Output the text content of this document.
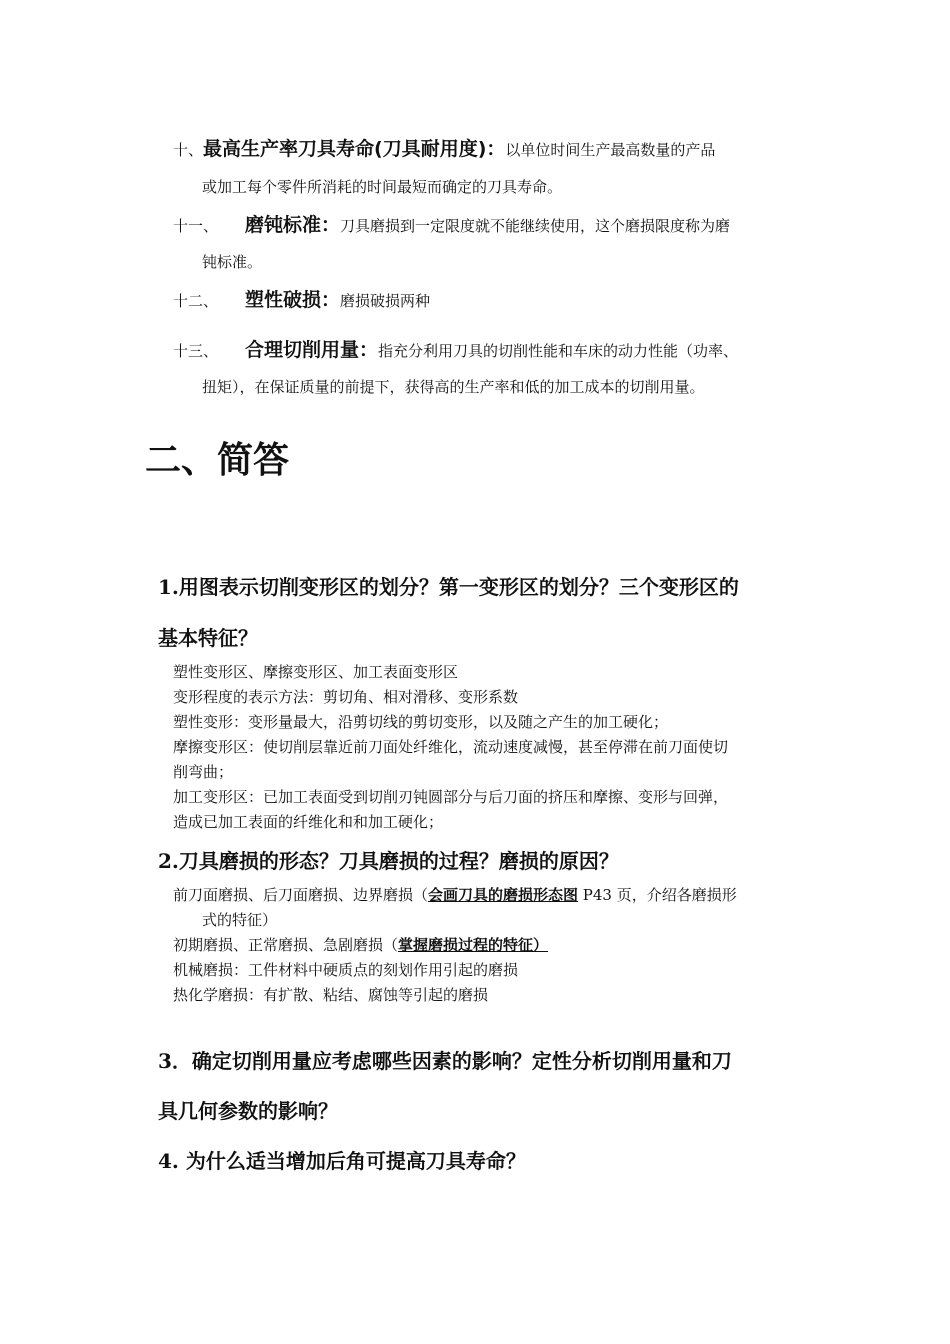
十、最高生产率刀具寿命(刀具耐用度)：以单位时间生产最高数量的产品
或加工每个零件所消耗的时间最短而确定的刀具寿命。
十一、 磨钝标准：刀具磨损到一定限度就不能继续使用，这个磨损限度称为磨
钝标准。
十二、 塑性破损：磨损破损两种
十三、 合理切削用量：指充分利用刀具的切削性能和车床的动力性能（功率、
扭矩），在保证质量的前提下，获得高的生产率和低的加工成本的切削用量。
二、简答
1.用图表示切削变形区的划分？第一变形区的划分？三个变形区的
基本特征？
塑性变形区、摩擦变形区、加工表面变形区
变形程度的表示方法：剪切角、相对滑移、变形系数
塑性变形：变形量最大，沿剪切线的剪切变形，以及随之产生的加工硬化；
摩擦变形区：使切削层靠近前刀面处纤维化，流动速度减慢，甚至停滞在前刀面使切
削弯曲；
加工变形区：已加工表面受到切削刃钝圆部分与后刀面的挤压和摩擦、变形与回弹，
造成已加工表面的纤维化和和加工硬化；
2.刀具磨损的形态？刀具磨损的过程？磨损的原因？
前刀面磨损、后刀面磨损、边界磨损（会画刀具的磨损形态图 P43 页，介绍各磨损形
式的特征）
初期磨损、正常磨损、急剧磨损（掌握磨损过程的特征）
机械磨损：工件材料中硬质点的刻划作用引起的磨损
热化学磨损：有扩散、粘结、腐蚀等引起的磨损
3．确定切削用量应考虑哪些因素的影响？定性分析切削用量和刀
具几何参数的影响？
4. 为什么适当增加后角可提高刀具寿命？
